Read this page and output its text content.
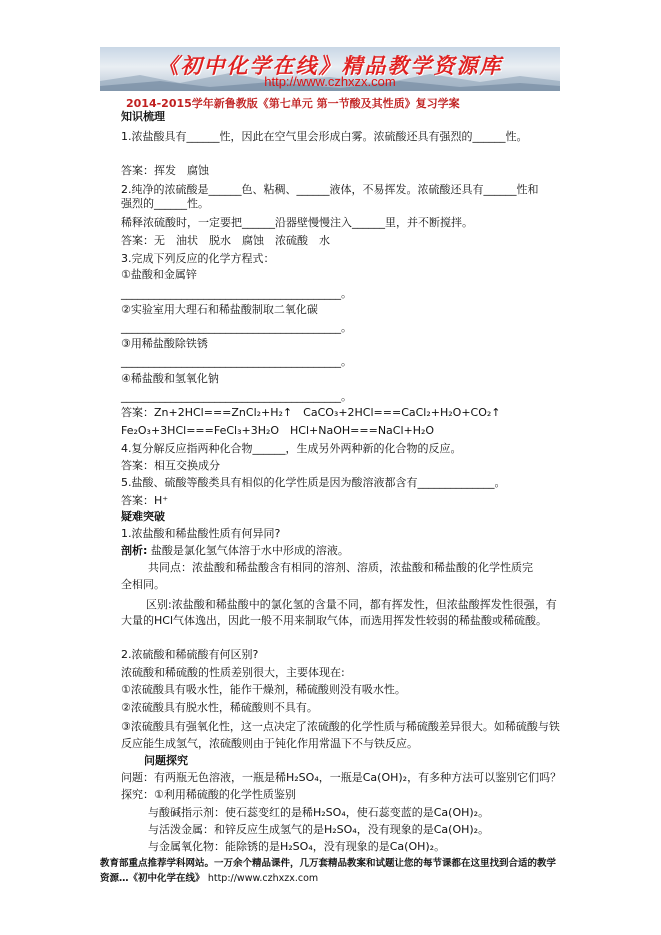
《初中化学在线》精品教学资源库
http://www.czhxzx.com
2014-2015学年新鲁教版《第七单元 第一节酸及其性质》复习学案
知识梳理
1.浓盐酸具有______性，因此在空气里会形成白雾。浓硫酸还具有强烈的______性。
答案：挥发　腐蚀
2.纯净的浓硫酸是______色、粘稠、______液体，不易挥发。浓硫酸还具有______性和
强烈的______性。
稀释浓硫酸时，一定要把______沿器壁慢慢注入______里，并不断搅拌。
答案：无　油状　脱水　腐蚀　浓硫酸　水
3.完成下列反应的化学方程式：
①盐酸和金属锌
________________________________________。
②实验室用大理石和稀盐酸制取二氧化碳
________________________________________。
③用稀盐酸除铁锈
________________________________________。
④稀盐酸和氢氧化钠
________________________________________。
答案：Zn+2HCl===ZnCl₂+H₂↑　CaCO₃+2HCl===CaCl₂+H₂O+CO₂↑
Fe₂O₃+3HCl===FeCl₃+3H₂O　HCl+NaOH===NaCl+H₂O
4.复分解反应指两种化合物______，生成另外两种新的化合物的反应。
答案：相互交换成分
5.盐酸、硫酸等酸类具有相似的化学性质是因为酸溶液都含有______________。
答案：H⁺
疑难突破
1.浓盐酸和稀盐酸性质有何异同?
剖析: 盐酸是氯化氢气体溶于水中形成的溶液。
共同点：浓盐酸和稀盐酸含有相同的溶剂、溶质，浓盐酸和稀盐酸的化学性质完
全相同。
区别:浓盐酸和稀盐酸中的氯化氢的含量不同，都有挥发性，但浓盐酸挥发性很强，有大量的HCl气体逸出，因此一般不用来制取气体，而选用挥发性较弱的稀盐酸或稀硫酸。
2.浓硫酸和稀硫酸有何区别?
浓硫酸和稀硫酸的性质差别很大，主要体现在:
①浓硫酸具有吸水性，能作干燥剂，稀硫酸则没有吸水性。
②浓硫酸具有脱水性，稀硫酸则不具有。
③浓硫酸具有强氧化性，这一点决定了浓硫酸的化学性质与稀硫酸差异很大。如稀硫酸与铁反应能生成氢气，浓硫酸则由于钝化作用常温下不与铁反应。
问题探究
问题：有两瓶无色溶液，一瓶是稀H₂SO₄，一瓶是Ca(OH)₂，有多种方法可以鉴别它们吗？
探究：①利用稀硫酸的化学性质鉴别
与酸碱指示剂：使石蕊变红的是稀H₂SO₄，使石蕊变蓝的是Ca(OH)₂。
与活泼金属：和锌反应生成氢气的是H₂SO₄，没有现象的是Ca(OH)₂。
与金属氧化物：能除锈的是H₂SO₄，没有现象的是Ca(OH)₂。
教育部重点推荐学科网站。一万余个精品课件，几万套精品教案和试题让您的每节课都在这里找到合适的教学资源…《初中化学在线》 http://www.czhxzx.com
